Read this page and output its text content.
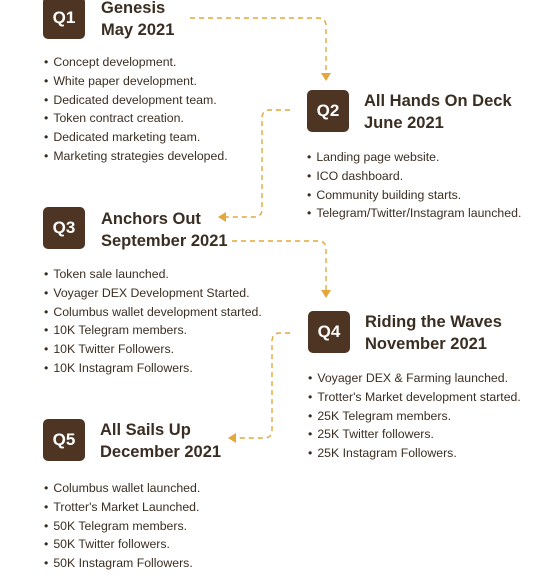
Q1	Genesis
May 2021
• Concept development.
• White paper development.
• Dedicated development team.
• Token contract creation.
• Dedicated marketing team.
• Marketing strategies developed.
Q2	All Hands On Deck
June 2021
• Landing page website.
• ICO dashboard.
• Community building starts.
• Telegram/Twitter/Instagram launched.
Q3	Anchors Out
September 2021
• Token sale launched.
• Voyager DEX Development Started.
• Columbus wallet development started.
• 10K Telegram members.
• 10K Twitter Followers.
• 10K Instagram Followers.
Q4	Riding the Waves
November 2021
• Voyager DEX & Farming launched.
• Trotter's Market development started.
• 25K Telegram members.
• 25K Twitter followers.
• 25K Instagram Followers.
Q5	All Sails Up
December 2021
• Columbus wallet launched.
• Trotter's Market Launched.
• 50K Telegram members.
• 50K Twitter followers.
• 50K Instagram Followers.
